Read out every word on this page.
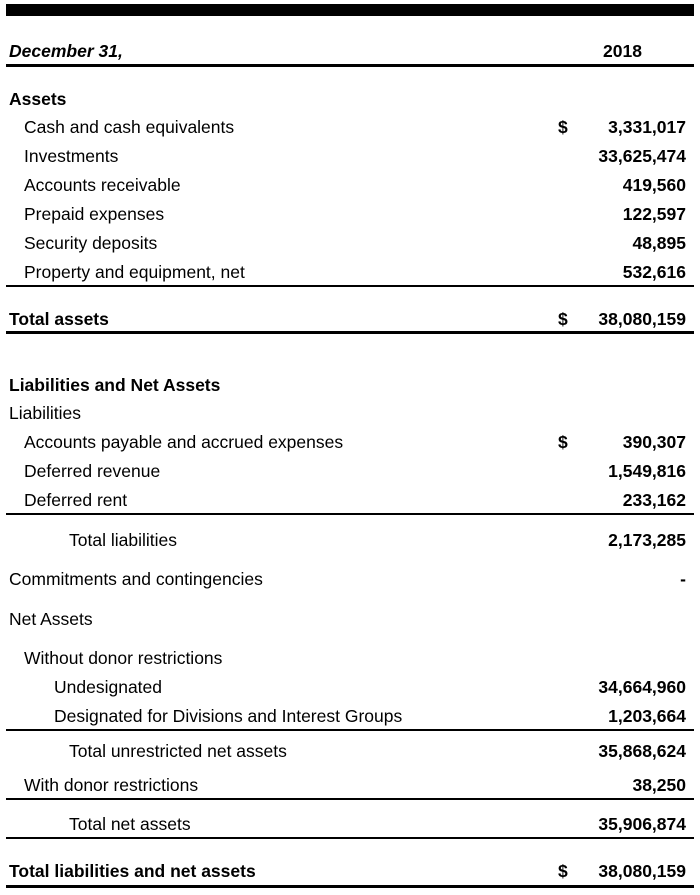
December 31,	2018
Assets
Cash and cash equivalents	$ 3,331,017
Investments	33,625,474
Accounts receivable	419,560
Prepaid expenses	122,597
Security deposits	48,895
Property and equipment, net	532,616
Total assets	$ 38,080,159
Liabilities and Net Assets
Liabilities
Accounts payable and accrued expenses	$	390,307
Deferred revenue	1,549,816
Deferred rent	233,162
Total liabilities	2,173,285
Commitments and contingencies	-
Net Assets
Without donor restrictions
Undesignated	34,664,960
Designated for Divisions and Interest Groups	1,203,664
Total unrestricted net assets	35,868,624
With donor restrictions	38,250
Total net assets	35,906,874
Total liabilities and net assets	$ 38,080,159
